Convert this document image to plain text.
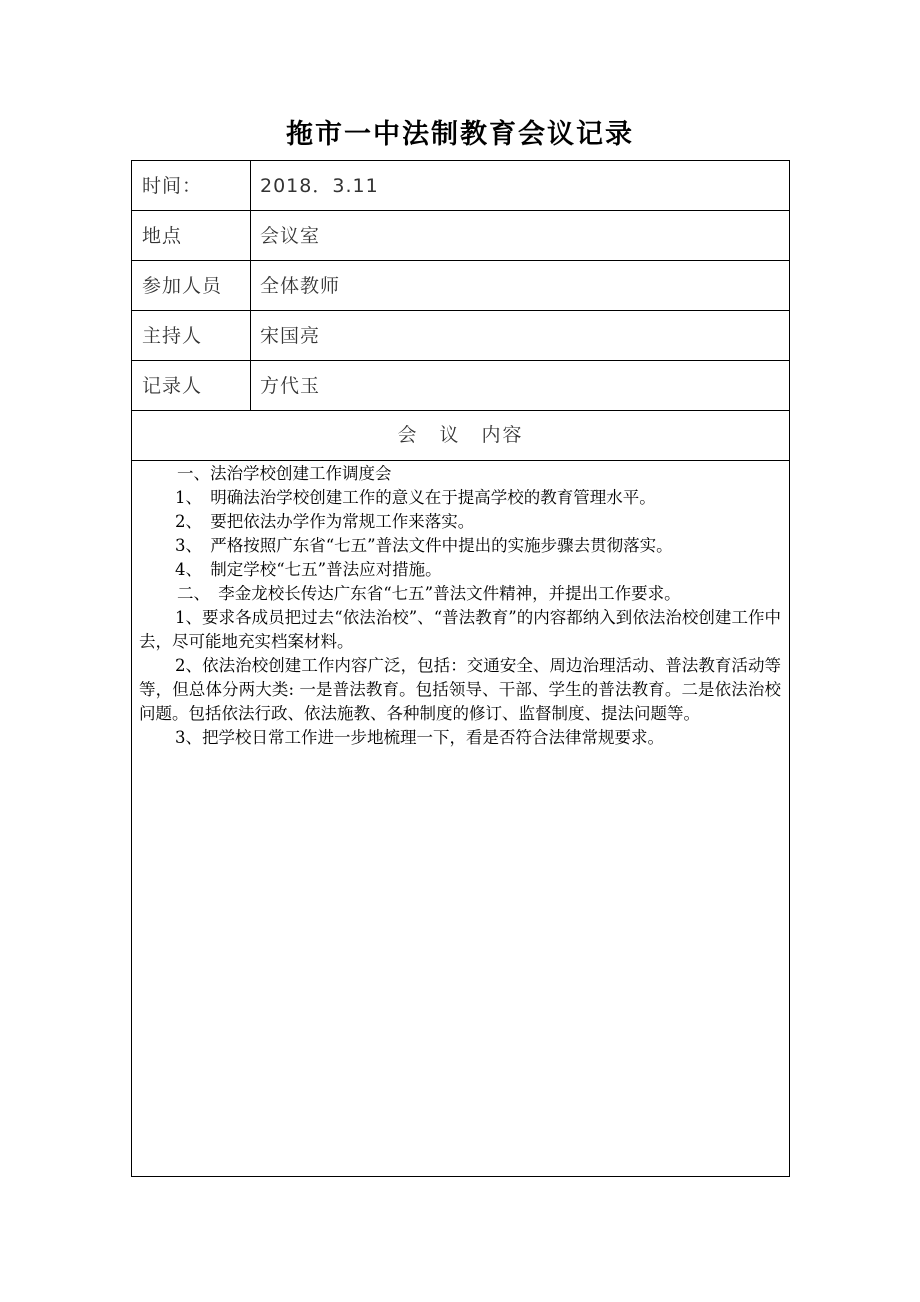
拖市一中法制教育会议记录
时间：	2018．3.11
地点	会议室
参加人员	全体教师
主持人	宋国亮
记录人	方代玉
会　议　内容

一、法治学校创建工作调度会

1、　明确法治学校创建工作的意义在于提高学校的教育管理水平。

2、　要把依法办学作为常规工作来落实。

3、　严格按照广东省“七五”普法文件中提出的实施步骤去贯彻落实。

4、　制定学校“七五”普法应对措施。

二、　李金龙校长传达广东省“七五”普法文件精神，并提出工作要求。

1、要求各成员把过去“依法治校”、“普法教育”的内容都纳入到依法治校创建工作中去，尽可能地充实档案材料。

2、依法治校创建工作内容广泛，包括：交通安全、周边治理活动、普法教育活动等等，但总体分两大类: 一是普法教育。包括领导、干部、学生的普法教育。二是依法治校问题。包括依法行政、依法施教、各种制度的修订、监督制度、提法问题等。

3、把学校日常工作进一步地梳理一下，看是否符合法律常规要求。
